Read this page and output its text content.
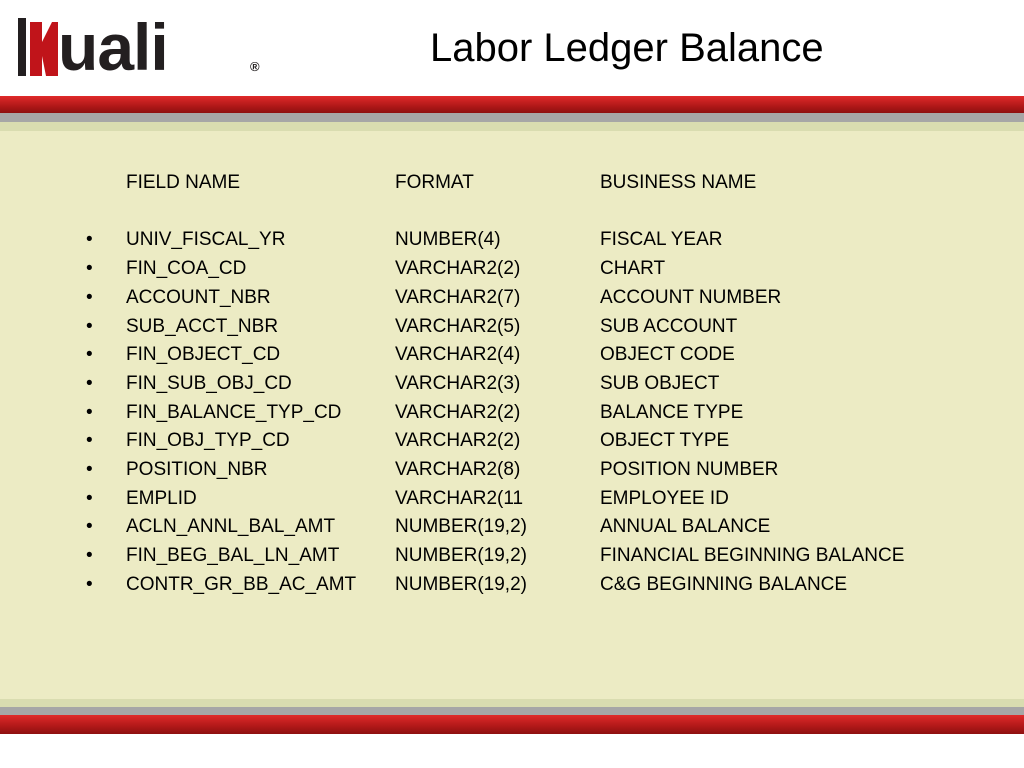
uali	®	Labor Ledger Balance
FIELD NAME	FORMAT	BUSINESS NAME
• UNIV_FISCAL_YR	NUMBER(4)	FISCAL YEAR
• FIN_COA_CD	VARCHAR2(2)	CHART
• ACCOUNT_NBR	VARCHAR2(7)	ACCOUNT NUMBER
• SUB_ACCT_NBR	VARCHAR2(5)	SUB ACCOUNT
• FIN_OBJECT_CD	VARCHAR2(4)	OBJECT CODE
• FIN_SUB_OBJ_CD	VARCHAR2(3)	SUB OBJECT
• FIN_BALANCE_TYP_CD	VARCHAR2(2)	BALANCE TYPE
• FIN_OBJ_TYP_CD	VARCHAR2(2)	OBJECT TYPE
• POSITION_NBR	VARCHAR2(8)	POSITION NUMBER
• EMPLID	VARCHAR2(11	EMPLOYEE ID
• ACLN_ANNL_BAL_AMT	NUMBER(19,2)	ANNUAL BALANCE
• FIN_BEG_BAL_LN_AMT	NUMBER(19,2)	FINANCIAL BEGINNING BALANCE
• CONTR_GR_BB_AC_AMT NUMBER(19,2)	C&G BEGINNING BALANCE
